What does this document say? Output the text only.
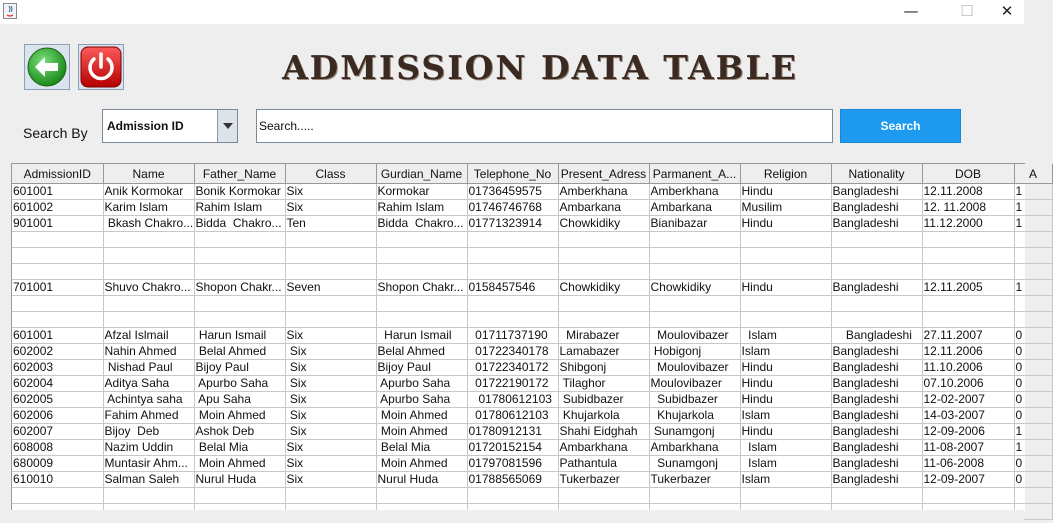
—	☐	✕
ADMISSION DATA TABLE
Search By Admission ID
Search.....	Search
AdmissionID	Name	Father_Name	Class	Gurdian_Name	Telephone_No	Present_Adress	Parmanent_A...	Religion	Nationality	DOB	A
601001	Anik Kormokar	Bonik Kormokar	Six	Kormokar	01736459575	Amberkhana	Amberkhana	Hindu	Bangladeshi	12.11.2008	1
601002	Karim Islam	Rahim Islam	Six	Rahim Islam	01746746768	Ambarkana	Ambarkana	Musilim	Bangladeshi	12. 11.2008	1
901001	Bkash Chakro...	Bidda  Chakro...	Ten	Bidda  Chakro...	01771323914	Chowkidiky	Bianibazar	Hindu	Bangladeshi	11.12.2000	1

701001	Shuvo Chakro...	Shopon Chakr...	Seven	Shopon Chakr...	0158457546	Chowkidiky	Chowkidiky	Hindu	Bangladeshi	12.11.2005	1

601001	Afzal Islmail	Harun Ismail	Six	Harun Ismail	01711737190	Mirabazer	Moulovibazer	Islam	Bangladeshi	27.11.2007	0
602002	Nahin Ahmed	Belal Ahmed	Six	Belal Ahmed	01722340178	Lamabazer	Hobigonj	Islam	Bangladeshi	12.11.2006	0
602003	Nishad Paul	Bijoy Paul	Six	Bijoy Paul	01722340172	Shibgonj	Moulovibazer	Hindu	Bangladeshi	11.10.2006	0
602004	Aditya Saha	Apurbo Saha	Six	Apurbo Saha	01722190172	Tilaghor	Moulovibazer	Hindu	Bangladeshi	07.10.2006	0
602005	Achintya saha	Apu Saha	Six	Apurbo Saha	01780612103	Subidbazer	Subidbazer	Hindu	Bangladeshi	12-02-2007	0
602006	Fahim Ahmed	Moin Ahmed	Six	Moin Ahmed	01780612103	Khujarkola	Khujarkola	Islam	Bangladeshi	14-03-2007	0
602007	Bijoy  Deb	Ashok Deb	Six	Moin Ahmed	01780912131	Shahi Eidghah	Sunamgonj	Hindu	Bangladeshi	12-09-2006	1
608008	Nazim Uddin	Belal Mia	Six	Belal Mia	01720152154	Ambarkhana	Ambarkhana	Islam	Bangladeshi	11-08-2007	1
680009	Muntasir Ahm...	Moin Ahmed	Six	Moin Ahmed	01797081596	Pathantula	Sunamgonj	Islam	Bangladeshi	11-06-2008	0
610010	Salman Saleh	Nurul Huda	Six	Nurul Huda	01788565069	Tukerbazer	Tukerbazer	Islam	Bangladeshi	12-09-2007	0
